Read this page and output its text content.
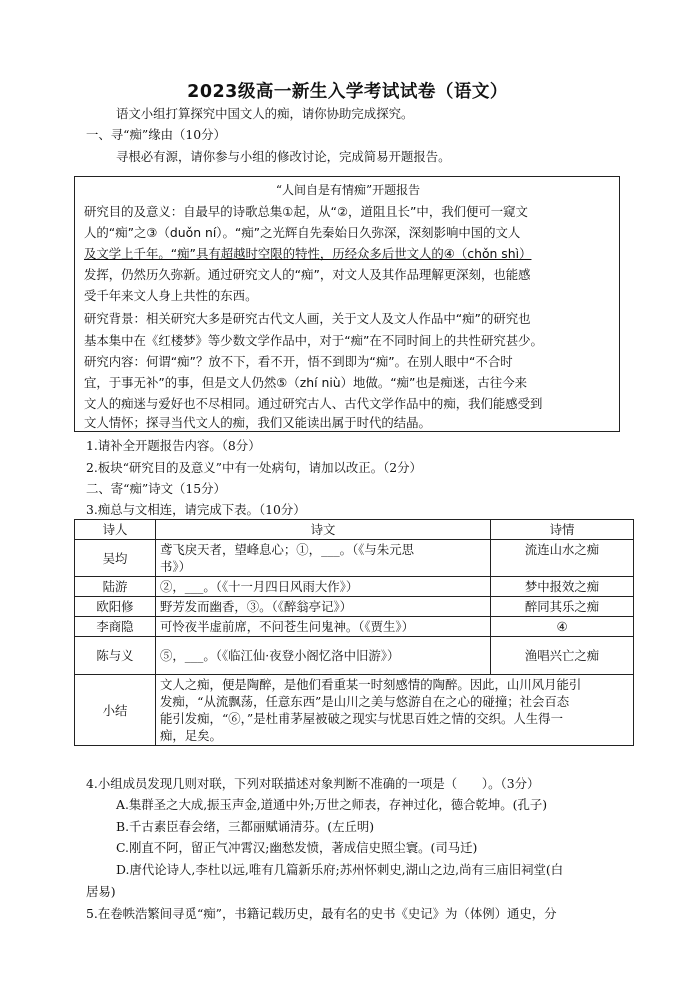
2023级高一新生入学考试试卷（语文）
语文小组打算探究中国文人的痴，请你协助完成探究。
一、寻“痴”缘由（10分）
寻根必有源，请你参与小组的修改讨论，完成简易开题报告。
“人间自是有情痴”开题报告
研究目的及意义：自最早的诗歌总集①起，从“②，道阻且长”中，我们便可一窥文
人的“痴”之③（duǒn ní）。“痴”之光辉自先秦始日久弥深，深刻影响中国的文人
及文学上千年。“痴”具有超越时空限的特性，历经众多后世文人的④（chǒn shì）
发挥，仍然历久弥新。通过研究文人的“痴”，对文人及其作品理解更深刻，也能感
受千年来文人身上共性的东西。
研究背景：相关研究大多是研究古代文人画，关于文人及文人作品中“痴”的研究也
基本集中在《红楼梦》等少数文学作品中，对于“痴”在不同时间上的共性研究甚少。
研究内容：何谓“痴”？放不下，看不开，悟不到即为“痴”。在别人眼中“不合时
宜，于事无补”的事，但是文人仍然⑤（zhí niù）地做。“痴”也是痴迷，古往今来
文人的痴迷与爱好也不尽相同。通过研究古人、古代文学作品中的痴，我们能感受到
文人情怀；探寻当代文人的痴，我们又能读出属于时代的结晶。
1.请补全开题报告内容。（8分）
2.板块“研究目的及意义”中有一处病句，请加以改正。（2分）
二、寄“痴”诗文（15分）
3.痴总与文相连，请完成下表。（10分）
诗人	诗文	诗情
吴均	鸢飞戾天者，望峰息心；①，___。（《与朱元思
书》）	流连山水之痴
陆游	②，___。（《十一月四日风雨大作》）	梦中报效之痴
欧阳修	野芳发而幽香，③。（《醉翁亭记》）	醉同其乐之痴
李商隐	可怜夜半虚前席，不问苍生问鬼神。（《贾生》）	④
陈与义	⑤，___。（《临江仙·夜登小阁忆洛中旧游》）	渔唱兴亡之痴
小结	文人之痴，便是陶醉，是他们看重某一时刻感情的陶醉。因此，山川风月能引
发痴，“从流飘荡，任意东西”是山川之美与悠游自在之心的碰撞；社会百态
能引发痴，“⑥，”是杜甫茅屋被破之现实与忧思百姓之情的交织。人生得一
痴，足矣。	
4.小组成员发现几则对联，下列对联描述对象判断不准确的一项是（　　）。（3分）
A.集群圣之大成,振玉声金,道通中外;万世之师表，存神过化，德合乾坤。(孔子)
B.千古素臣春会绪，三都丽赋诵清芬。(左丘明)
C.刚直不阿，留正气冲霄汉;幽愁发愤，著成信史照尘寰。(司马迁)
D.唐代论诗人,李杜以远,唯有几篇新乐府;苏州怀刺史,湖山之边,尚有三庙旧祠堂(白
居易)
5.在卷帙浩繁间寻觅“痴”，书籍记载历史，最有名的史书《史记》为（体例）通史，分
